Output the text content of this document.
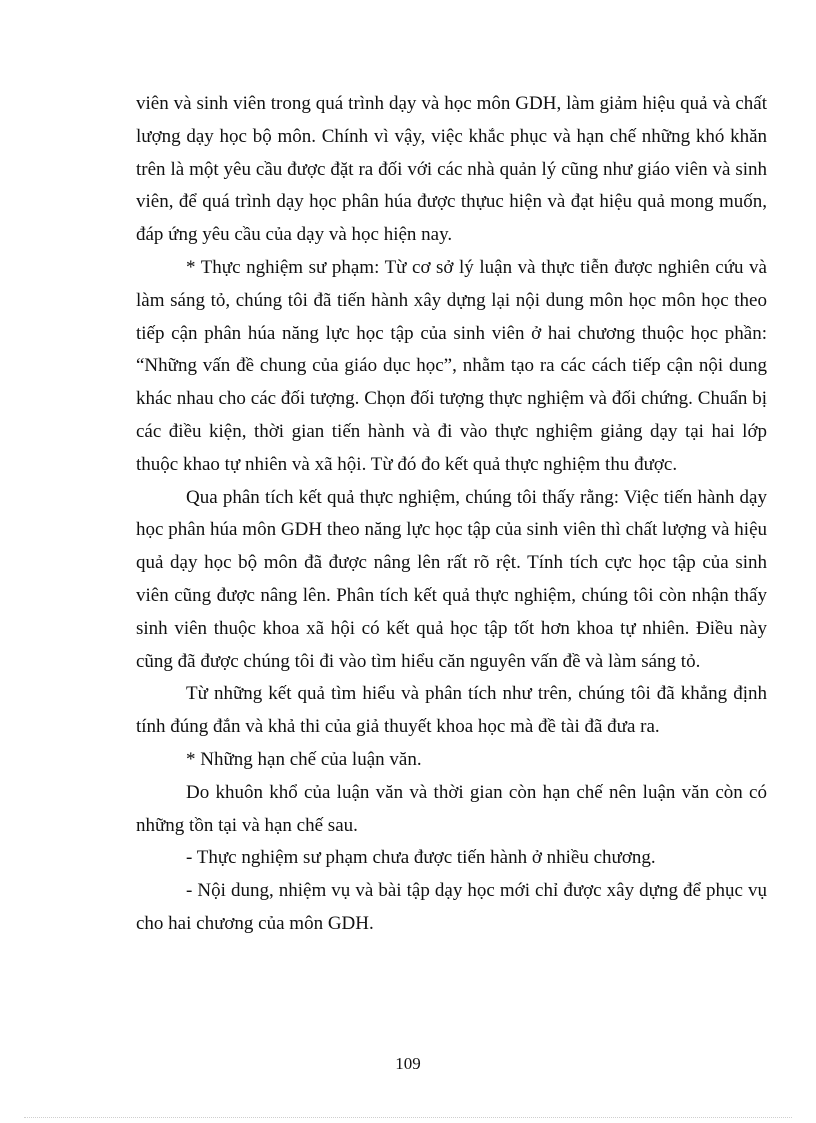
viên và sinh viên trong quá trình dạy và học môn GDH, làm giảm hiệu quả và chất lượng dạy học bộ môn. Chính vì vậy, việc khắc phục và hạn chế những khó khăn trên là một yêu cầu được đặt ra đối với các nhà quản lý cũng như giáo viên và sinh viên, để quá trình dạy học phân húa được thựuc hiện và đạt hiệu quả mong muốn, đáp ứng yêu cầu của dạy và học hiện nay.

* Thực nghiệm sư phạm: Từ cơ sở lý luận và thực tiễn được nghiên cứu và làm sáng tỏ, chúng tôi đã tiến hành xây dựng lại nội dung môn học môn học theo tiếp cận phân húa năng lực học tập của sinh viên ở hai chương thuộc học phần: “Những vấn đề chung của giáo dục học”, nhằm tạo ra các cách tiếp cận nội dung khác nhau cho các đối tượng. Chọn đối tượng thực nghiệm và đối chứng. Chuẩn bị các điều kiện, thời gian tiến hành và đi vào thực nghiệm giảng dạy tại hai lớp thuộc khao tự nhiên và xã hội. Từ đó đo kết quả thực nghiệm thu được.

Qua phân tích kết quả thực nghiệm, chúng tôi thấy rằng: Việc tiến hành dạy học phân húa môn GDH theo năng lực học tập của sinh viên thì chất lượng và hiệu quả dạy học bộ môn đã được nâng lên rất rõ rệt. Tính tích cực học tập của sinh viên cũng được nâng lên. Phân tích kết quả thực nghiệm, chúng tôi còn nhận thấy sinh viên thuộc khoa xã hội có kết quả học tập tốt hơn khoa tự nhiên. Điều này cũng đã được chúng tôi đi vào tìm hiểu căn nguyên vấn đề và làm sáng tỏ.

Từ những kết quả tìm hiểu và phân tích như trên, chúng tôi đã khẳng định tính đúng đắn và khả thi của giả thuyết khoa học mà đề tài đã đưa ra.

* Những hạn chế của luận văn.

Do khuôn khổ của luận văn và thời gian còn hạn chế nên luận văn còn có những tồn tại và hạn chế sau.

- Thực nghiệm sư phạm chưa được tiến hành ở nhiều chương.

- Nội dung, nhiệm vụ và bài tập dạy học mới chỉ được xây dựng để phục vụ cho hai chương của môn GDH.

109
